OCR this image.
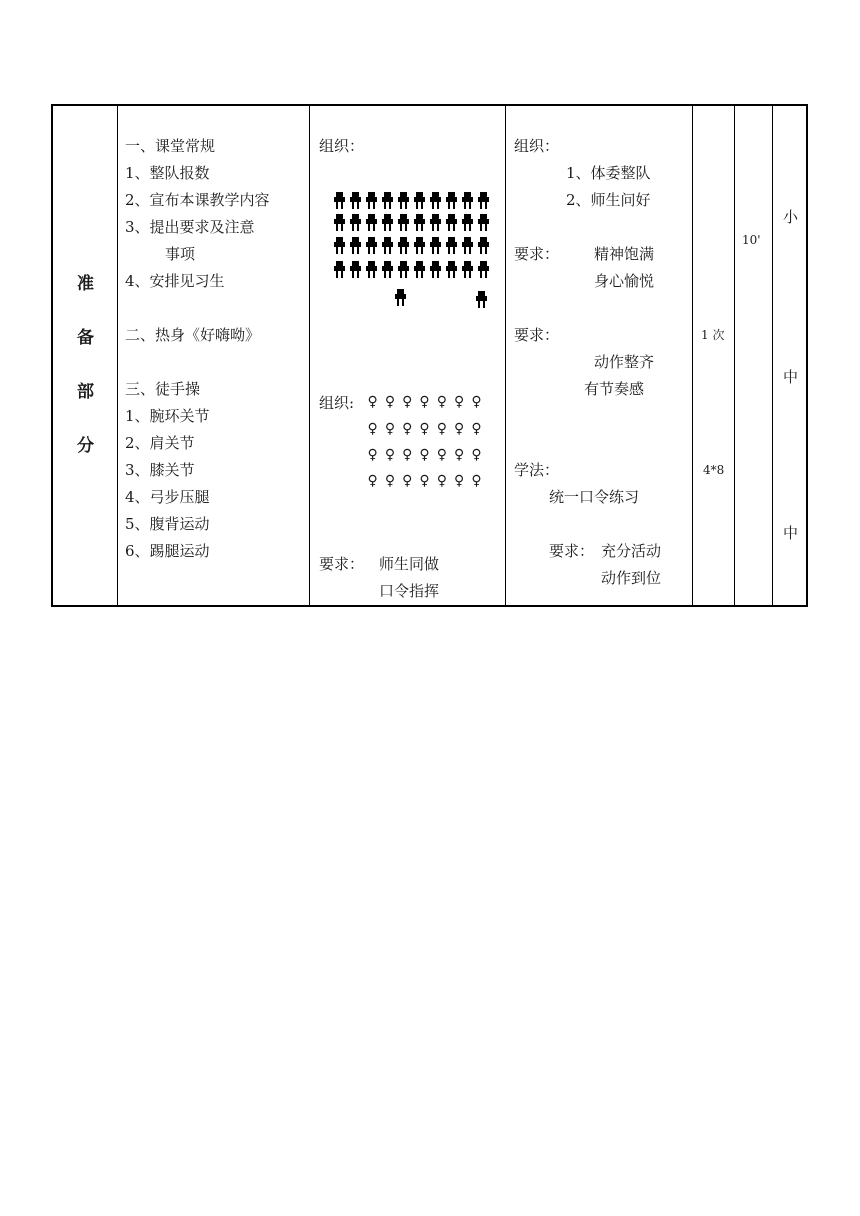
准
备
部
分
一、课堂常规
1、整队报数
2、宣布本课教学内容
3、提出要求及注意
事项
4、安排见习生
二、热身《好嗨呦》
三、徒手操
1、腕环关节
2、肩关节
3、膝关节
4、弓步压腿
5、腹背运动
6、踢腿运动
组织：
组织: ♀ ♀ ♀ ♀ ♀ ♀ ♀
♀ ♀ ♀ ♀ ♀ ♀ ♀
♀ ♀ ♀ ♀ ♀ ♀ ♀
♀ ♀ ♀ ♀ ♀ ♀ ♀
要求： 师生同做
口令指挥
组织：
1、体委整队
2、师生问好
要求： 精神饱满
身心愉悦
要求：
动作整齐
有节奏感
学法：
统一口令练习
要求： 充分活动
动作到位
1 次
4*8
10'
小
中
中
